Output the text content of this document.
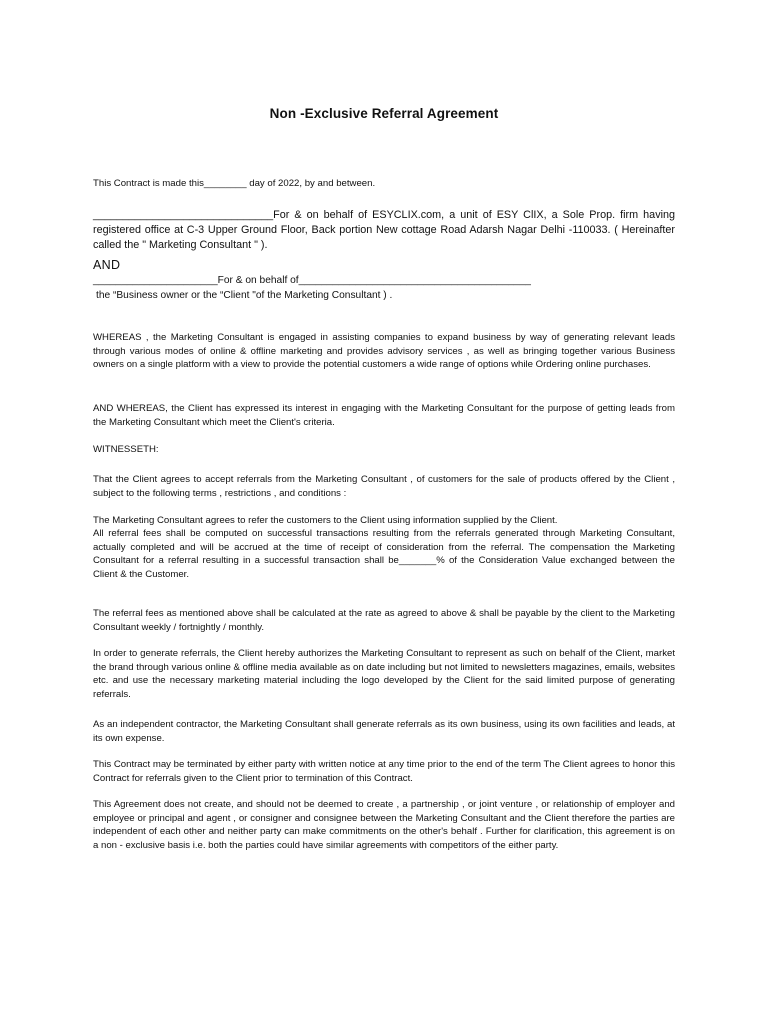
Non -Exclusive Referral Agreement

This Contract is made this________ day of 2022, by and between.

______________________________For & on behalf of ESYCLIX.com, a unit of ESY ClIX, a Sole Prop. firm having registered office at C-3 Upper Ground Floor, Back portion New cottage Road Adarsh Nagar Delhi -110033. ( Hereinafter called the " Marketing Consultant " ).

AND

______________________For & on behalf of_________________________________________

the “Business owner or the “Client "of the Marketing Consultant ) .

WHEREAS , the Marketing Consultant is engaged in assisting companies to expand business by way of generating relevant leads through various modes of online & offline marketing and provides advisory services , as well as bringing together various Business owners on a single platform with a view to provide the potential customers a wide range of options while Ordering online purchases.

AND WHEREAS, the Client has expressed its interest in engaging with the Marketing Consultant for the purpose of getting leads from the Marketing Consultant which meet the Client's criteria.

WITNESSETH:

That the Client agrees to accept referrals from the Marketing Consultant , of customers for the sale of products offered by the Client , subject to the following terms , restrictions , and conditions :

The Marketing Consultant agrees to refer the customers to the Client using information supplied by the Client.

All referral fees shall be computed on successful transactions resulting from the referrals generated through Marketing Consultant, actually completed and will be accrued at the time of receipt of consideration from the referral. The compensation the Marketing Consultant for a referral resulting in a successful transaction shall be_______% of the Consideration Value exchanged between the Client & the Customer.

The referral fees as mentioned above shall be calculated at the rate as agreed to above & shall be payable by the client to the Marketing Consultant weekly / fortnightly / monthly.

In order to generate referrals, the Client hereby authorizes the Marketing Consultant to represent as such on behalf of the Client, market the brand through various online & offline media available as on date including but not limited to newsletters magazines, emails, websites etc. and use the necessary marketing material including the logo developed by the Client for the said limited purpose of generating referrals.

As an independent contractor, the Marketing Consultant shall generate referrals as its own business, using its own facilities and leads, at its own expense.

This Contract may be terminated by either party with written notice at any time prior to the end of the term The Client agrees to honor this Contract for referrals given to the Client prior to termination of this Contract.

This Agreement does not create, and should not be deemed to create , a partnership , or joint venture , or relationship of employer and employee or principal and agent , or consigner and consignee between the Marketing Consultant and the Client therefore the parties are independent of each other and neither party can make commitments on the other's behalf . Further for clarification, this agreement is on a non - exclusive basis i.e. both the parties could have similar agreements with competitors of the either party.
